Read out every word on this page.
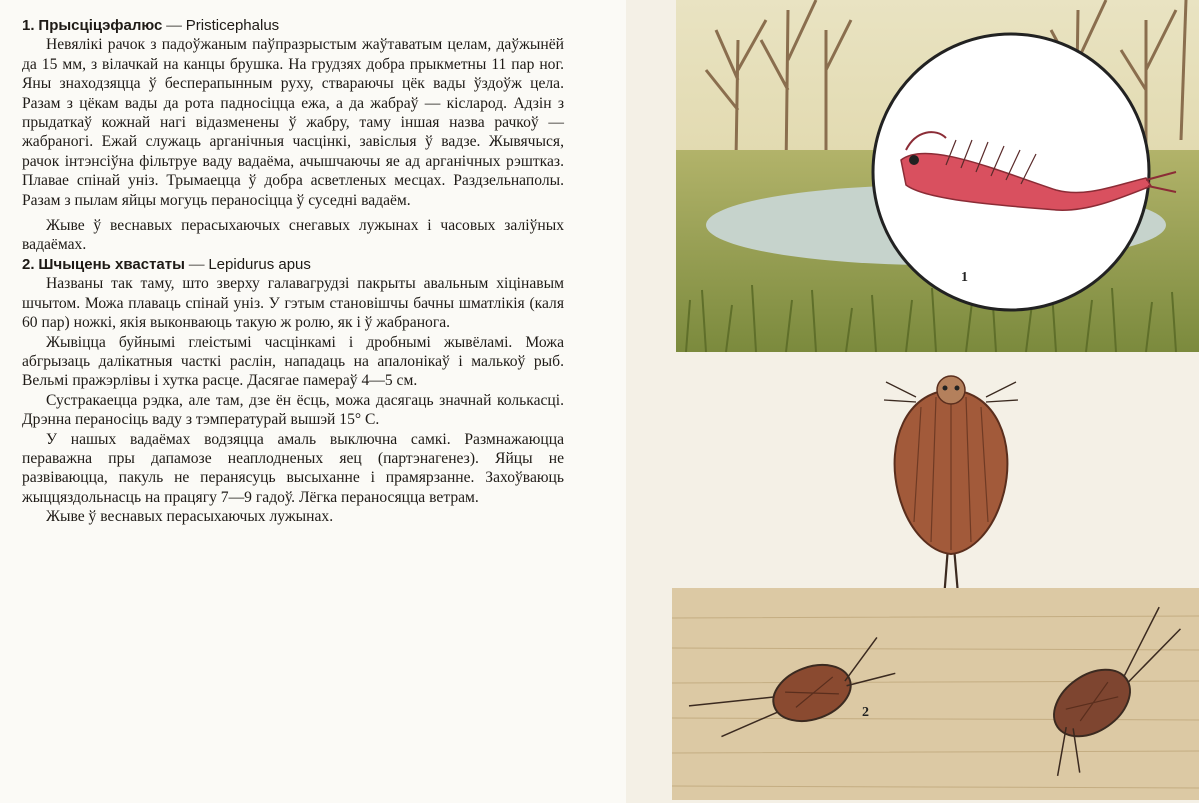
1. Прысціцэфалюс — Pristicephalus

Невялікі рачок з падоўжаным паўпразрыстым жаўтаватым целам, даўжынёй да 15 мм, з вілачкай на канцы брушка. На грудзях добра прыкметны 11 пар ног. Яны знаходзяцца ў бесперапынным руху, ствараючы цёк вады ўздоўж цела. Разам з цёкам вады да рота падносіцца ежа, а да жабраў — кісларод. Адзін з прыдаткаў кожнай нагі відазменены ў жабру, таму іншая назва рачкоў — жабраногі. Ежай служаць арганічныя часцінкі, завіслыя ў вадзе. Жывячыся, рачок інтэнсіўна фільтруе ваду вадаёма, ачышчаючы яе ад арганічных рэштказ. Плавае спінай уніз. Трымаецца ў добра асветленых месцах. Раздзельнаполы. Разам з пылам яйцы могуць пераносіцца ў суседні вадаём.

Жыве ў веснавых перасыхаючых снегавых лужынах і часовых заліўных вадаёмах.

2. Шчыцень хвастаты — Lepidurus apus

Названы так таму, што зверху галавагрудзі пакрыты авальным хіцінавым шчытом. Можа плаваць спінай уніз. У гэтым становішчы бачны шматлікія (каля 60 пар) ножкі, якія выконваюць такую ж ролю, як і ў жабранога.

Жывіцца буйнымі глеістымі часцінкамі і дробнымі жывёламі. Можа абгрызаць далікатныя часткі раслін, нападаць на апалонікаў і малькоў рыб. Вельмі пражэрлівы і хутка расце. Дасягае памераў 4—5 см.

Сустракаецца рэдка, але там, дзе ён ёсць, можа дасягаць значнай колькасці. Дрэнна пераносіць ваду з тэмпературай вышэй 15° С.

У нашых вадаёмах водзяцца амаль выключна самкі. Размнажаюцца пераважна пры дапамозе неаплодненых яец (партэнагенез). Яйцы не развіваюцца, пакуль не перанясуць высыханне і прамярзанне. Захоўваюць жыццяздольнасць на працягу 7—9 гадоў. Лёгка пераносяцца ветрам.

Жыве ў веснавых перасыхаючых лужынах.

1
2
